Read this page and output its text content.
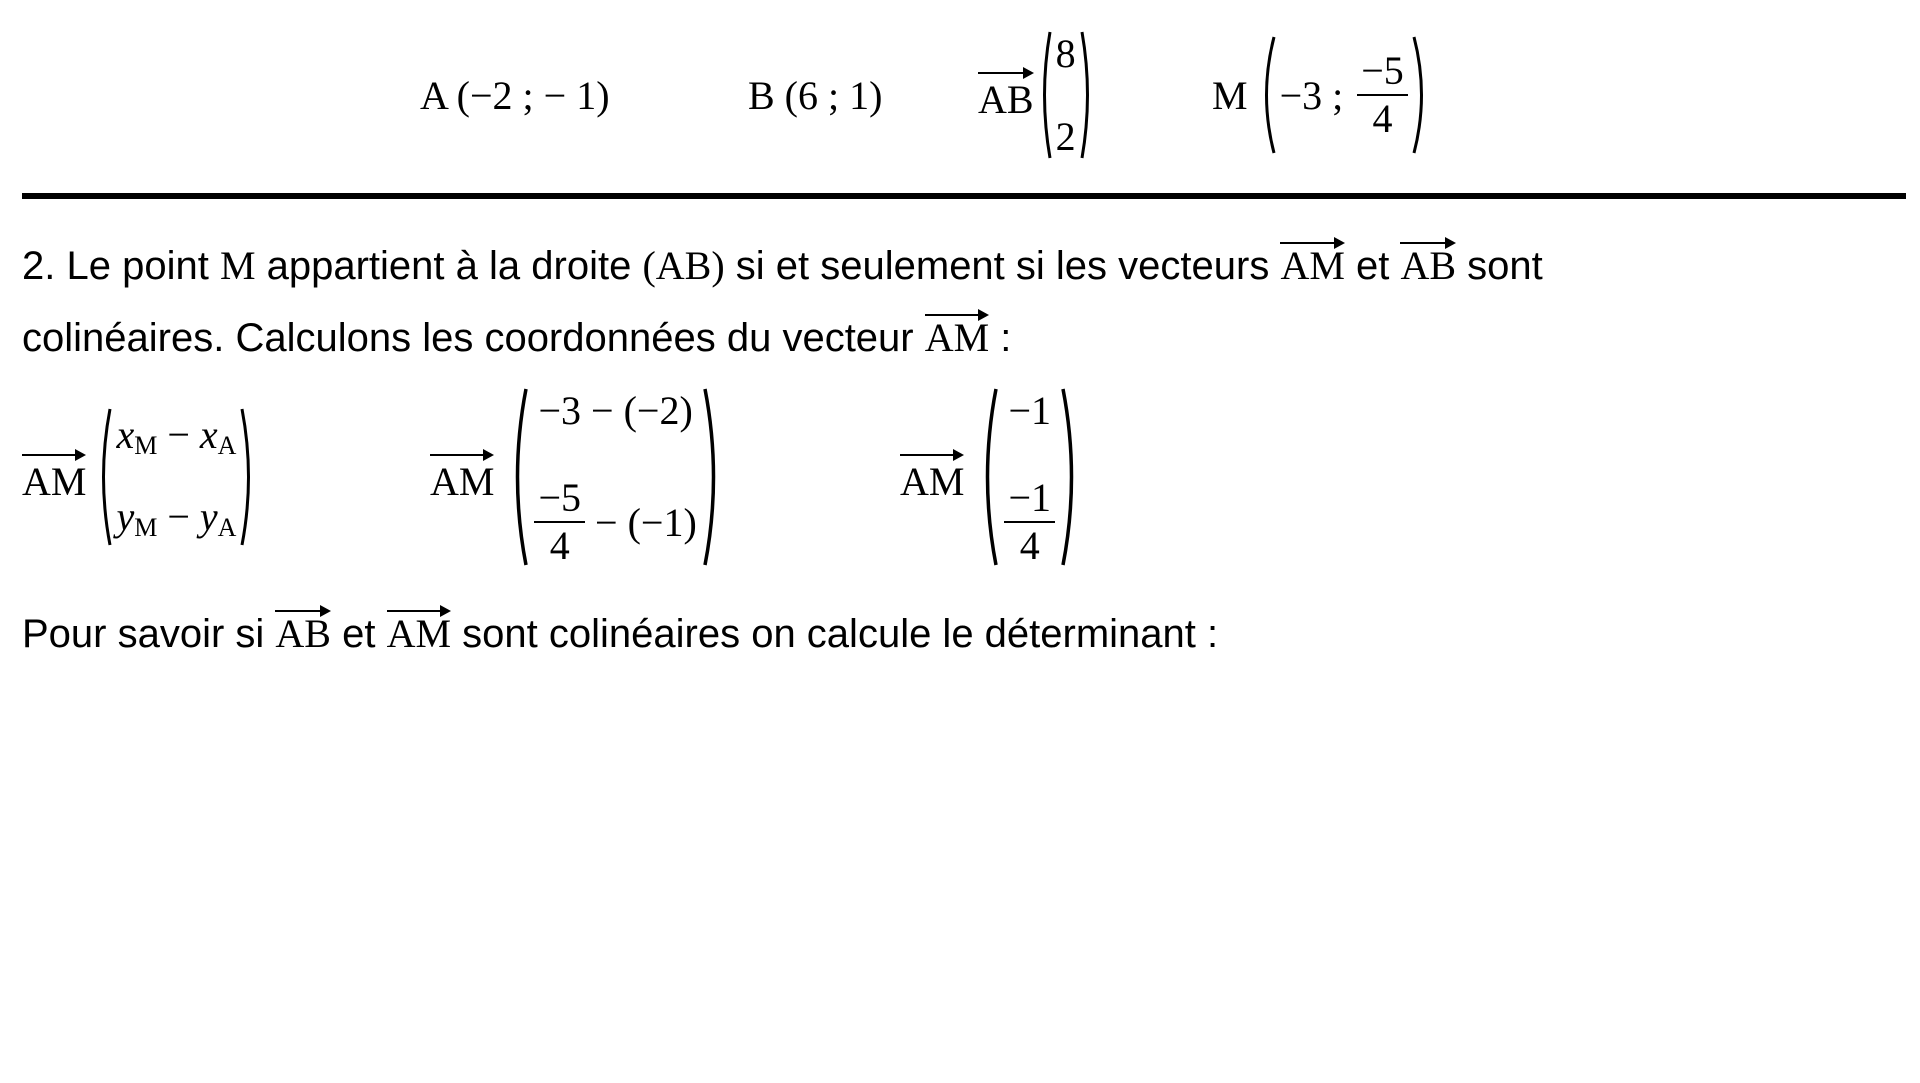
A (−2 ; − 1)	B (6 ; 1) AB
8
2
M −3 ; $\frac{-5}{4}$
2. Le point M appartient à la droite (AB) si et seulement si les vecteurs AM et AB sont
colinéaires. Calculons les coordonnées du vecteur AM :
AM
$x_M - x_A$
$y_M - y_A$
AM
−3 − (−2)
$\frac{-5}{4} - (-1)$
AM
−1
$\frac{-1}{4}$
Pour savoir si AB et AM sont colinéaires on calcule le déterminant :
